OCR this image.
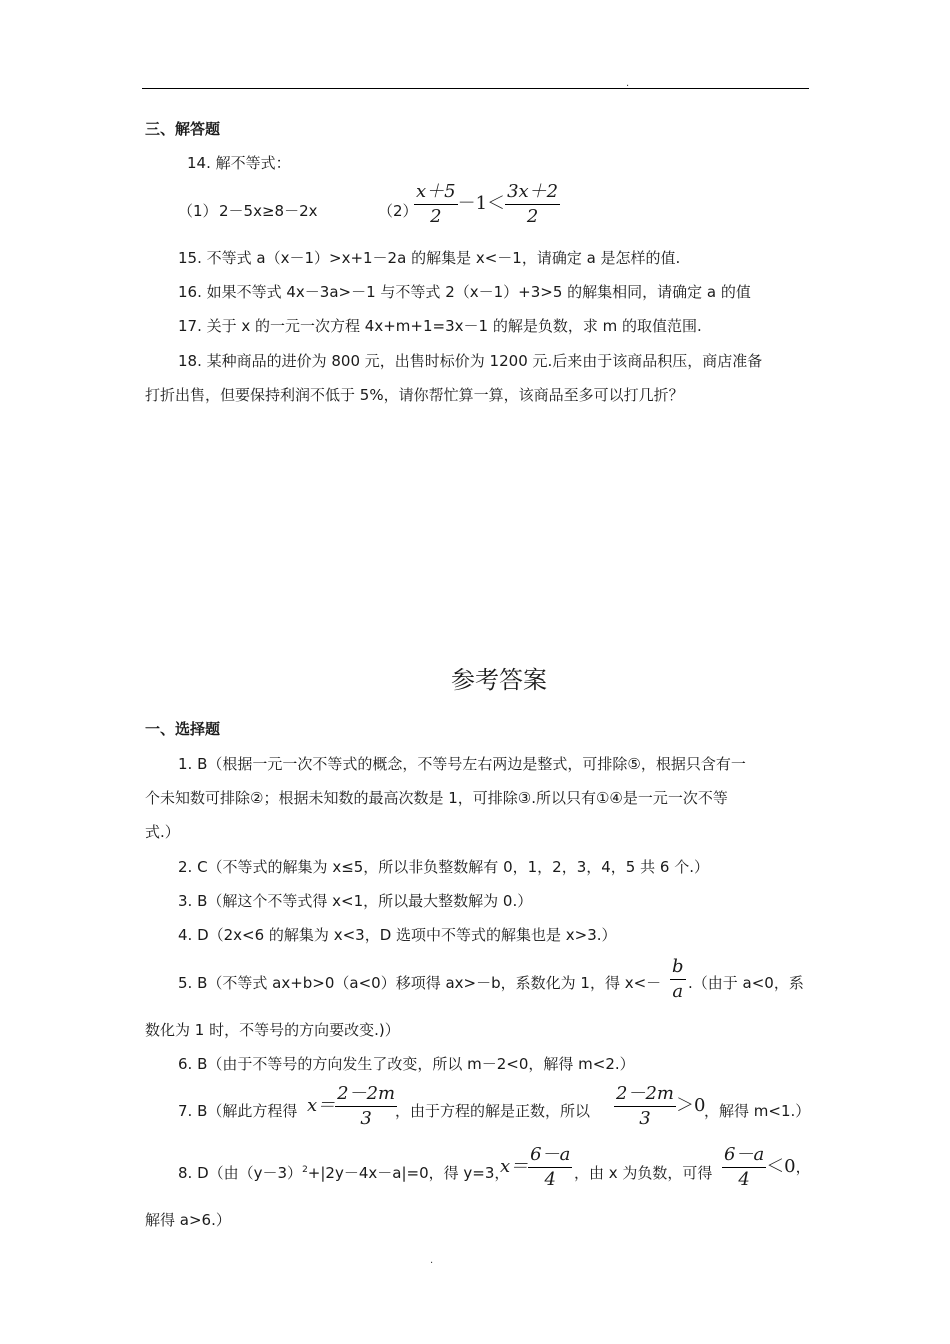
.
三、解答题
14. 解不等式：
（1） 2－5x≥8－2x	（2）
$\frac{x+5}{2} -1< \frac{3x+2}{2}$
15. 不等式 a（x－1）>x+1－2a 的解集是 x<－1，请确定 a 是怎样的值.
16. 如果不等式 4x－3a>－1 与不等式 2（x－1）+3>5 的解集相同，请确定 a 的值
17. 关于 x 的一元一次方程 4x+m+1=3x－1 的解是负数，求 m 的取值范围.
18. 某种商品的进价为 800 元，出售时标价为 1200 元.后来由于该商品积压，商店准备
打折出售，但要保持利润不低于 5%，请你帮忙算一算，该商品至多可以打几折？
参考答案
一、选择题
1. B（根据一元一次不等式的概念，不等号左右两边是整式，可排除⑤，根据只含有一
个未知数可排除②；根据未知数的最高次数是 1，可排除③.所以只有①④是一元一次不等
式.）
2. C（不等式的解集为 x≤5，所以非负整数解有 0，1，2，3，4，5 共 6 个.）
3. B（解这个不等式得 x<1，所以最大整数解为 0.）
4. D（2x<6 的解集为 x<3，D 选项中不等式的解集也是 x>3.）
5. B（不等式 ax+b>0（a<0）移项得 ax>－b，系数化为 1，得 $x<- \frac{b}{a}$ .（由于 a<0，系
数化为 1 时，不等号的方向要改变.)）
6. B（由于不等号的方向发生了改变，所以 m－2<0，解得 m<2.）
7. B（解此方程得 $x= \frac{2-2m}{3}$
，由于方程的解是正数，所以 $\frac{2-2m}{3} >0$
，解得 m<1.）
8. D（由$(y-3)^2+|2y-4x-a|=0$，得 y=3，
$x= \frac{6-a}{4}$ ，由 x 为负数，可得 $\frac{6-a}{4} <0$，
解得 a>6.）
.
